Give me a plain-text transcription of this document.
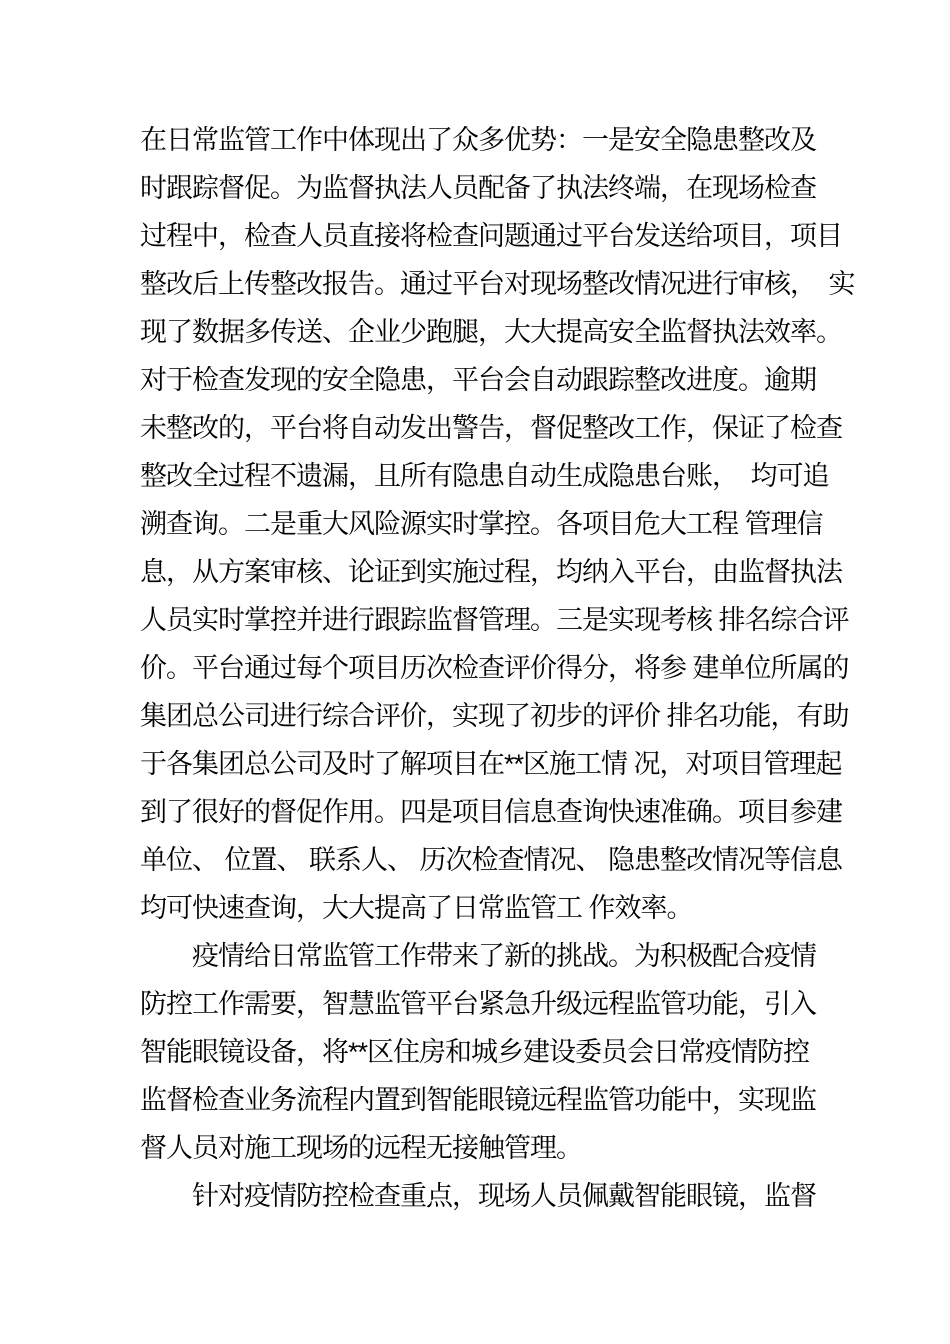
在日常监管工作中体现出了众多优势：一是安全隐患整改及
时跟踪督促。为监督执法人员配备了执法终端，在现场检查
过程中，检查人员直接将检查问题通过平台发送给项目，项目
整改后上传整改报告。通过平台对现场整改情况进行审核，　实
现了数据多传送、企业少跑腿，大大提高安全监督执法效率。
对于检查发现的安全隐患，平台会自动跟踪整改进度。逾期
未整改的，平台将自动发出警告，督促整改工作，保证了检查
整改全过程不遗漏，且所有隐患自动生成隐患台账，　均可追
溯查询。二是重大风险源实时掌控。各项目危大工程 管理信
息，从方案审核、论证到实施过程，均纳入平台，由监督执法
人员实时掌控并进行跟踪监督管理。三是实现考核 排名综合评
价。平台通过每个项目历次检查评价得分，将参 建单位所属的
集团总公司进行综合评价，实现了初步的评价 排名功能，有助
于各集团总公司及时了解项目在**区施工情 况，对项目管理起
到了很好的督促作用。四是项目信息查询快速准确。项目参建
单位、 位置、 联系人、 历次检查情况、 隐患整改情况等信息
均可快速查询，大大提高了日常监管工 作效率。
疫情给日常监管工作带来了新的挑战。为积极配合疫情
防控工作需要，智慧监管平台紧急升级远程监管功能，引入
智能眼镜设备，将**区住房和城乡建设委员会日常疫情防控
监督检查业务流程内置到智能眼镜远程监管功能中，实现监
督人员对施工现场的远程无接触管理。
针对疫情防控检查重点，现场人员佩戴智能眼镜，监督
